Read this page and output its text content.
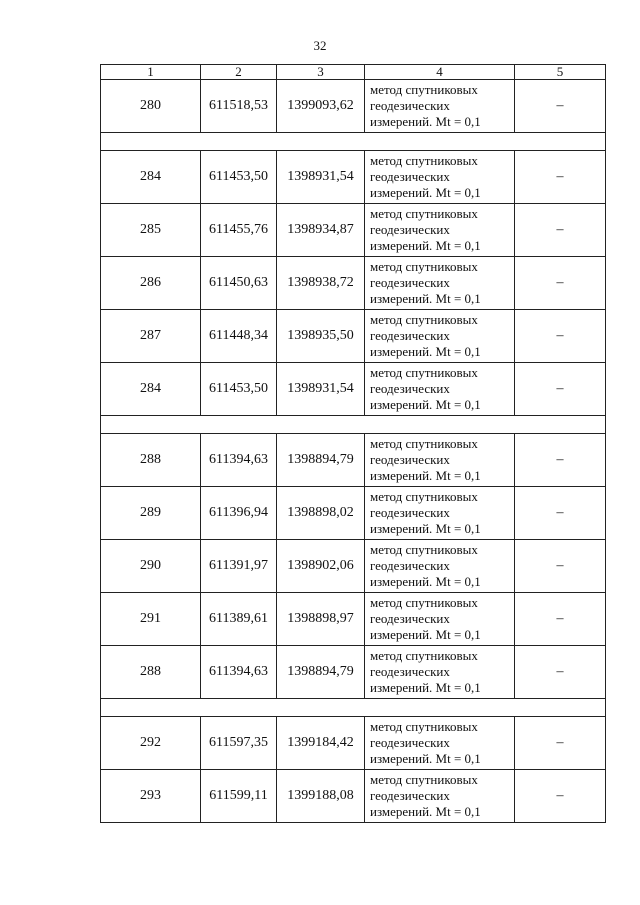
32
1	2	3	4	5
280	611518,53	1399093,62	метод спутниковых
геодезических
измерений. Mt = 0,1	–

284	611453,50	1398931,54	метод спутниковых
геодезических
измерений. Mt = 0,1	–
285	611455,76	1398934,87	метод спутниковых
геодезических
измерений. Mt = 0,1	–
286	611450,63	1398938,72	метод спутниковых
геодезических
измерений. Mt = 0,1	–
287	611448,34	1398935,50	метод спутниковых
геодезических
измерений. Mt = 0,1	–
284	611453,50	1398931,54	метод спутниковых
геодезических
измерений. Mt = 0,1	–

288	611394,63	1398894,79	метод спутниковых
геодезических
измерений. Mt = 0,1	–
289	611396,94	1398898,02	метод спутниковых
геодезических
измерений. Mt = 0,1	–
290	611391,97	1398902,06	метод спутниковых
геодезических
измерений. Mt = 0,1	–
291	611389,61	1398898,97	метод спутниковых
геодезических
измерений. Mt = 0,1	–
288	611394,63	1398894,79	метод спутниковых
геодезических
измерений. Mt = 0,1	–

292	611597,35	1399184,42	метод спутниковых
геодезических
измерений. Mt = 0,1	–
293	611599,11	1399188,08	метод спутниковых
геодезических
измерений. Mt = 0,1	–
